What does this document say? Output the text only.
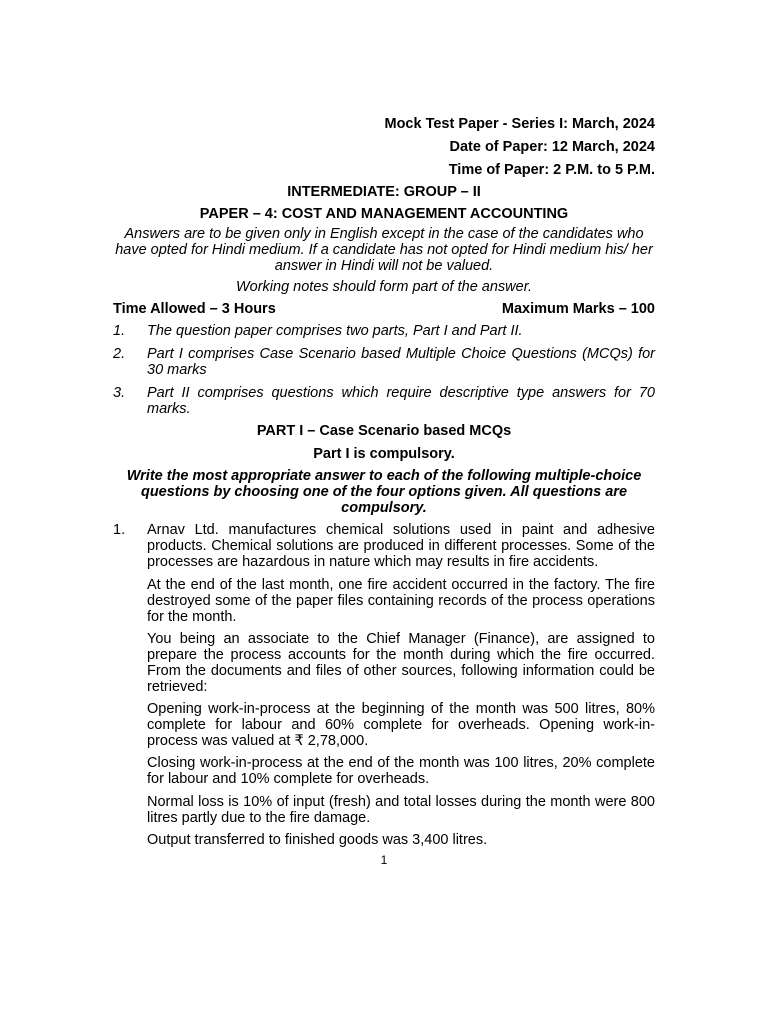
Mock Test Paper - Series I: March, 2024
Date of Paper: 12 March, 2024
Time of Paper: 2 P.M. to 5 P.M.
INTERMEDIATE: GROUP – II
PAPER – 4: COST AND MANAGEMENT ACCOUNTING
Answers are to be given only in English except in the case of the candidates who have opted for Hindi medium. If a candidate has not opted for Hindi medium his/ her answer in Hindi will not be valued.
Working notes should form part of the answer.
Time Allowed – 3 Hours	Maximum Marks – 100
1. The question paper comprises two parts, Part I and Part II.
2. Part I comprises Case Scenario based Multiple Choice Questions (MCQs) for 30 marks
3. Part II comprises questions which require descriptive type answers for 70 marks.
PART I – Case Scenario based MCQs
Part I is compulsory.
Write the most appropriate answer to each of the following multiple-choice questions by choosing one of the four options given. All questions are compulsory.
1. Arnav Ltd. manufactures chemical solutions used in paint and adhesive products. Chemical solutions are produced in different processes. Some of the processes are hazardous in nature which may results in fire accidents.
At the end of the last month, one fire accident occurred in the factory. The fire destroyed some of the paper files containing records of the process operations for the month.
You being an associate to the Chief Manager (Finance), are assigned to prepare the process accounts for the month during which the fire occurred. From the documents and files of other sources, following information could be retrieved:
Opening work-in-process at the beginning of the month was 500 litres, 80% complete for labour and 60% complete for overheads. Opening work-in-process was valued at ₹ 2,78,000.
Closing work-in-process at the end of the month was 100 litres, 20% complete for labour and 10% complete for overheads.
Normal loss is 10% of input (fresh) and total losses during the month were 800 litres partly due to the fire damage.
Output transferred to finished goods was 3,400 litres.
1
